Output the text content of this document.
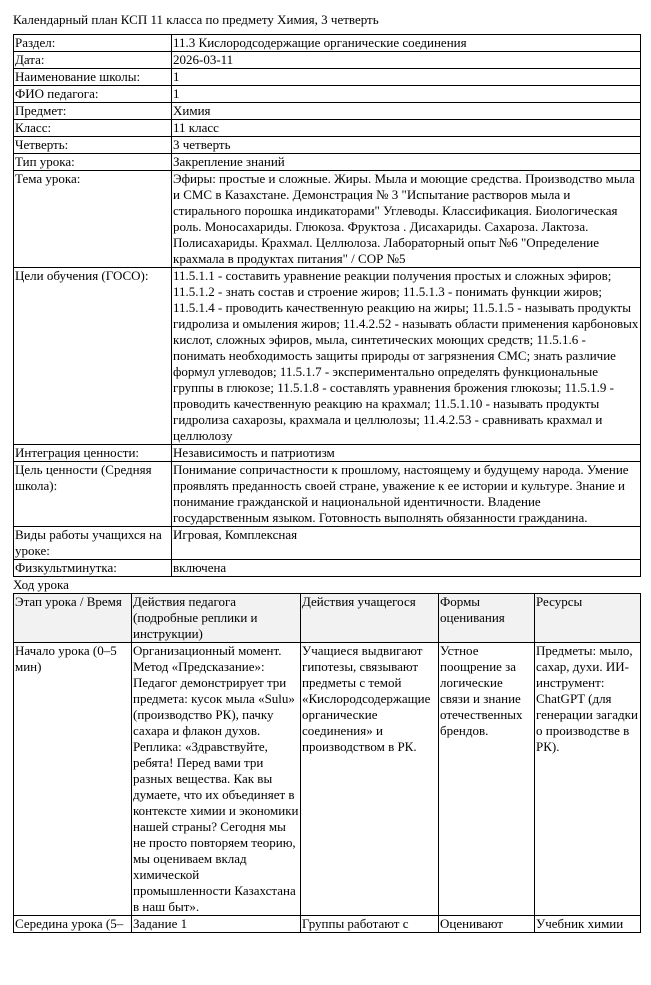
Календарный план КСП 11 класса по предмету Химия, 3 четверть

Раздел:	11.3 Кислородсодержащие органические соединения
Дата:	2026-03-11
Наименование школы:	1
ФИО педагога:	1
Предмет:	Химия
Класс:	11 класс
Четверть:	3 четверть
Тип урока:	Закрепление знаний
Тема урока:	Эфиры: простые и сложные. Жиры. Мыла и моющие средства. Производство мыла и СМС в Казахстане. Демонстрация № 3 "Испытание растворов мыла и стирального порошка индикаторами" Углеводы. Классификация. Биологическая роль. Моносахариды. Глюкоза. Фруктоза . Дисахариды. Сахароза. Лактоза. Полисахариды. Крахмал. Целлюлоза. Лабораторный опыт №6 "Определение крахмала в продуктах питания" / СОР №5
Цели обучения (ГОСО):	11.5.1.1 - составить уравнение реакции получения простых и сложных эфиров; 11.5.1.2 - знать состав и строение жиров; 11.5.1.3 - понимать функции жиров; 11.5.1.4 - проводить качественную реакцию на жиры; 11.5.1.5 - называть продукты гидролиза и омыления жиров; 11.4.2.52 - называть области применения карбоновых кислот, сложных эфиров, мыла, синтетических моющих средств; 11.5.1.6 - понимать необходимость защиты природы от загрязнения СМС; знать различие формул углеводов; 11.5.1.7 - экспериментально определять функциональные группы в глюкозе; 11.5.1.8 - составлять уравнения брожения глюкозы; 11.5.1.9 - проводить качественную реакцию на крахмал; 11.5.1.10 - называть продукты гидролиза сахарозы, крахмала и целлюлозы; 11.4.2.53 - сравнивать крахмал и целлюлозу
Интеграция ценности:	Независимость и патриотизм
Цель ценности (Средняя школа):	Понимание сопричастности к прошлому, настоящему и будущему народа. Умение проявлять преданность своей стране, уважение к ее истории и культуре. Знание и понимание гражданской и национальной идентичности. Владение государственным языком. Готовность выполнять обязанности гражданина.
Виды работы учащихся на уроке:	Игровая, Комплексная
Физкультминутка:	включена

Ход урока

Этап урока / Время	Действия педагога (подробные реплики и инструкции)	Действия учащегося	Формы оценивания	Ресурсы
Начало урока (0–5 мин)	Организационный момент. Метод «Предсказание»: Педагог демонстрирует три предмета: кусок мыла «Sulu» (производство РК), пачку сахара и флакон духов. Реплика: «Здравствуйте, ребята! Перед вами три разных вещества. Как вы думаете, что их объединяет в контексте химии и экономики нашей страны? Сегодня мы не просто повторяем теорию, мы оцениваем вклад химической промышленности Казахстана в наш быт».	Учащиеся выдвигают гипотезы, связывают предметы с темой «Кислородсодержащие органические соединения» и производством в РК.	Устное поощрение за логические связи и знание отечественных брендов.	Предметы: мыло, сахар, духи. ИИ-инструмент: ChatGPT (для генерации загадки о производстве в РК).
Середина урока (5–	Задание 1	Группы работают с	Оценивают	Учебник химии
